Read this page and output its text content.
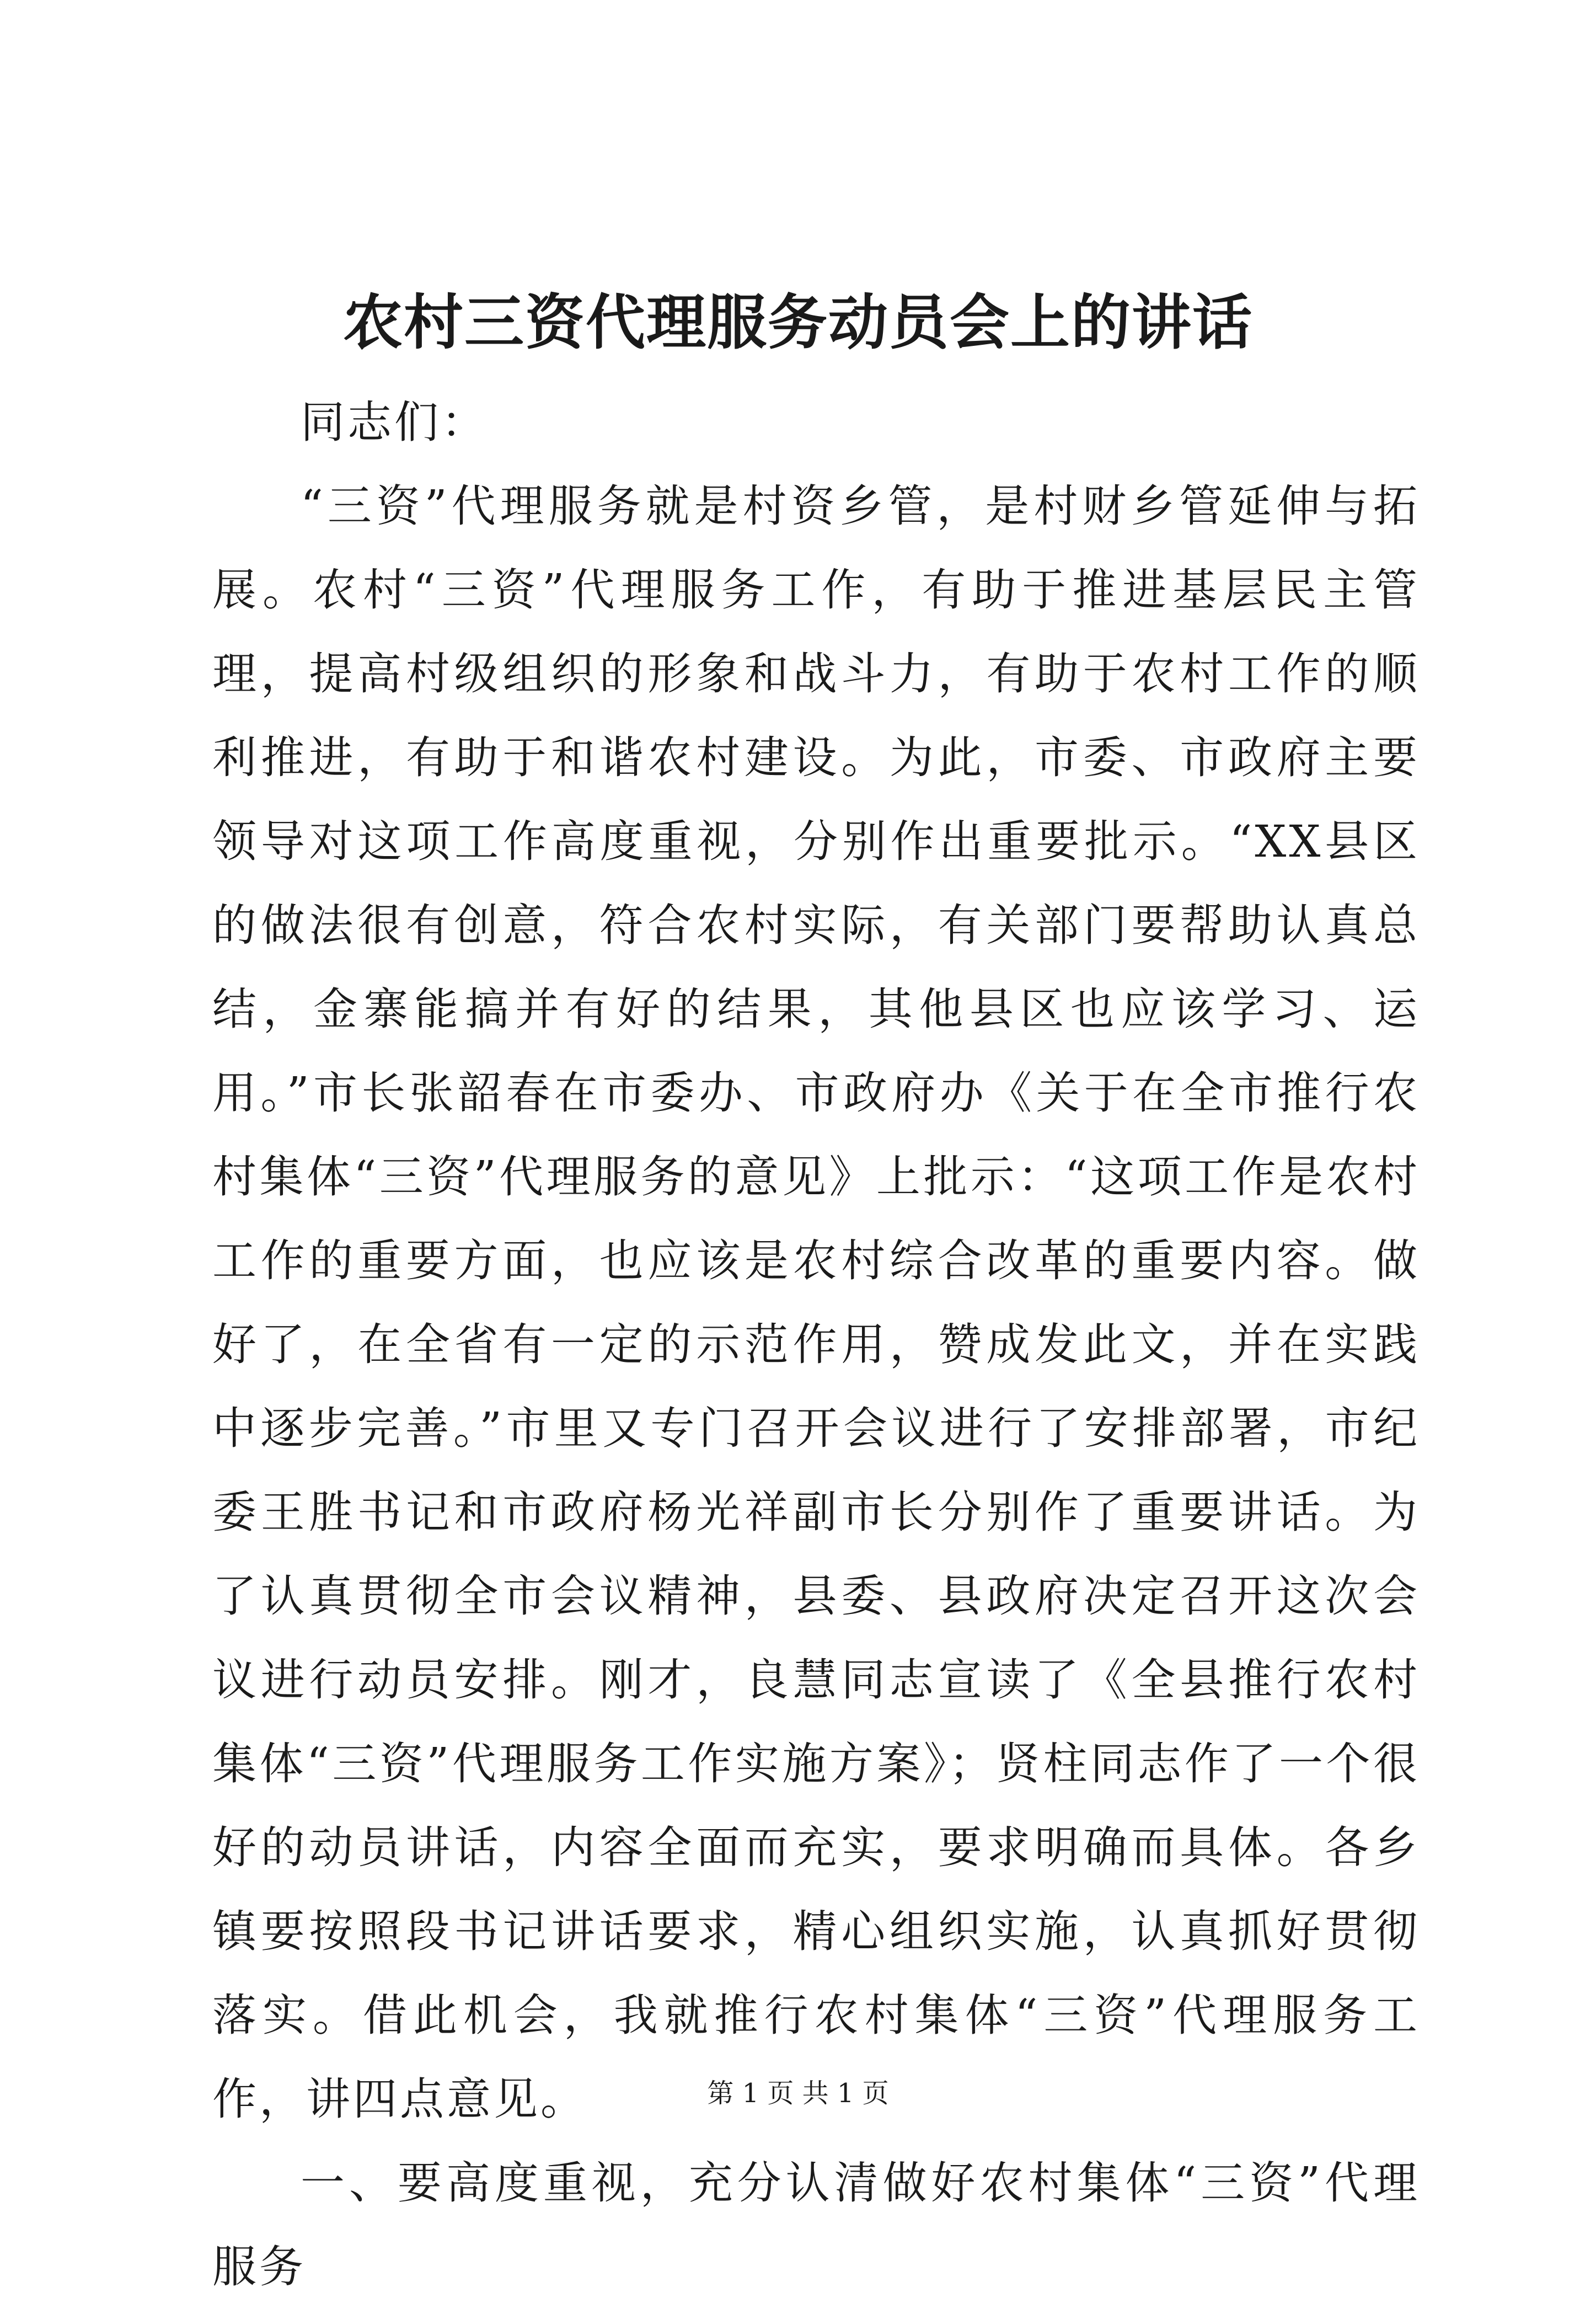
农村三资代理服务动员会上的讲话

同志们：

“三资”代理服务就是村资乡管，是村财乡管延伸与拓展。农村“三资”代理服务工作，有助于推进基层民主管理，提高村级组织的形象和战斗力，有助于农村工作的顺利推进，有助于和谐农村建设。为此，市委、市政府主要领导对这项工作高度重视，分别作出重要批示。“XX县区的做法很有创意，符合农村实际，有关部门要帮助认真总结，金寨能搞并有好的结果，其他县区也应该学习、运用。”市长张韶春在市委办、市政府办《关于在全市推行农村集体“三资”代理服务的意见》上批示：“这项工作是农村工作的重要方面，也应该是农村综合改革的重要内容。做好了，在全省有一定的示范作用，赞成发此文，并在实践中逐步完善。”市里又专门召开会议进行了安排部署，市纪委王胜书记和市政府杨光祥副市长分别作了重要讲话。为了认真贯彻全市会议精神，县委、县政府决定召开这次会议进行动员安排。刚才，良慧同志宣读了《全县推行农村集体“三资”代理服务工作实施方案》；贤柱同志作了一个很好的动员讲话，内容全面而充实，要求明确而具体。各乡镇要按照段书记讲话要求，精心组织实施，认真抓好贯彻落实。借此机会，我就推行农村集体“三资”代理服务工作，讲四点意见。

一、要高度重视，充分认清做好农村集体“三资”代理服务

第 1 页 共 1 页
